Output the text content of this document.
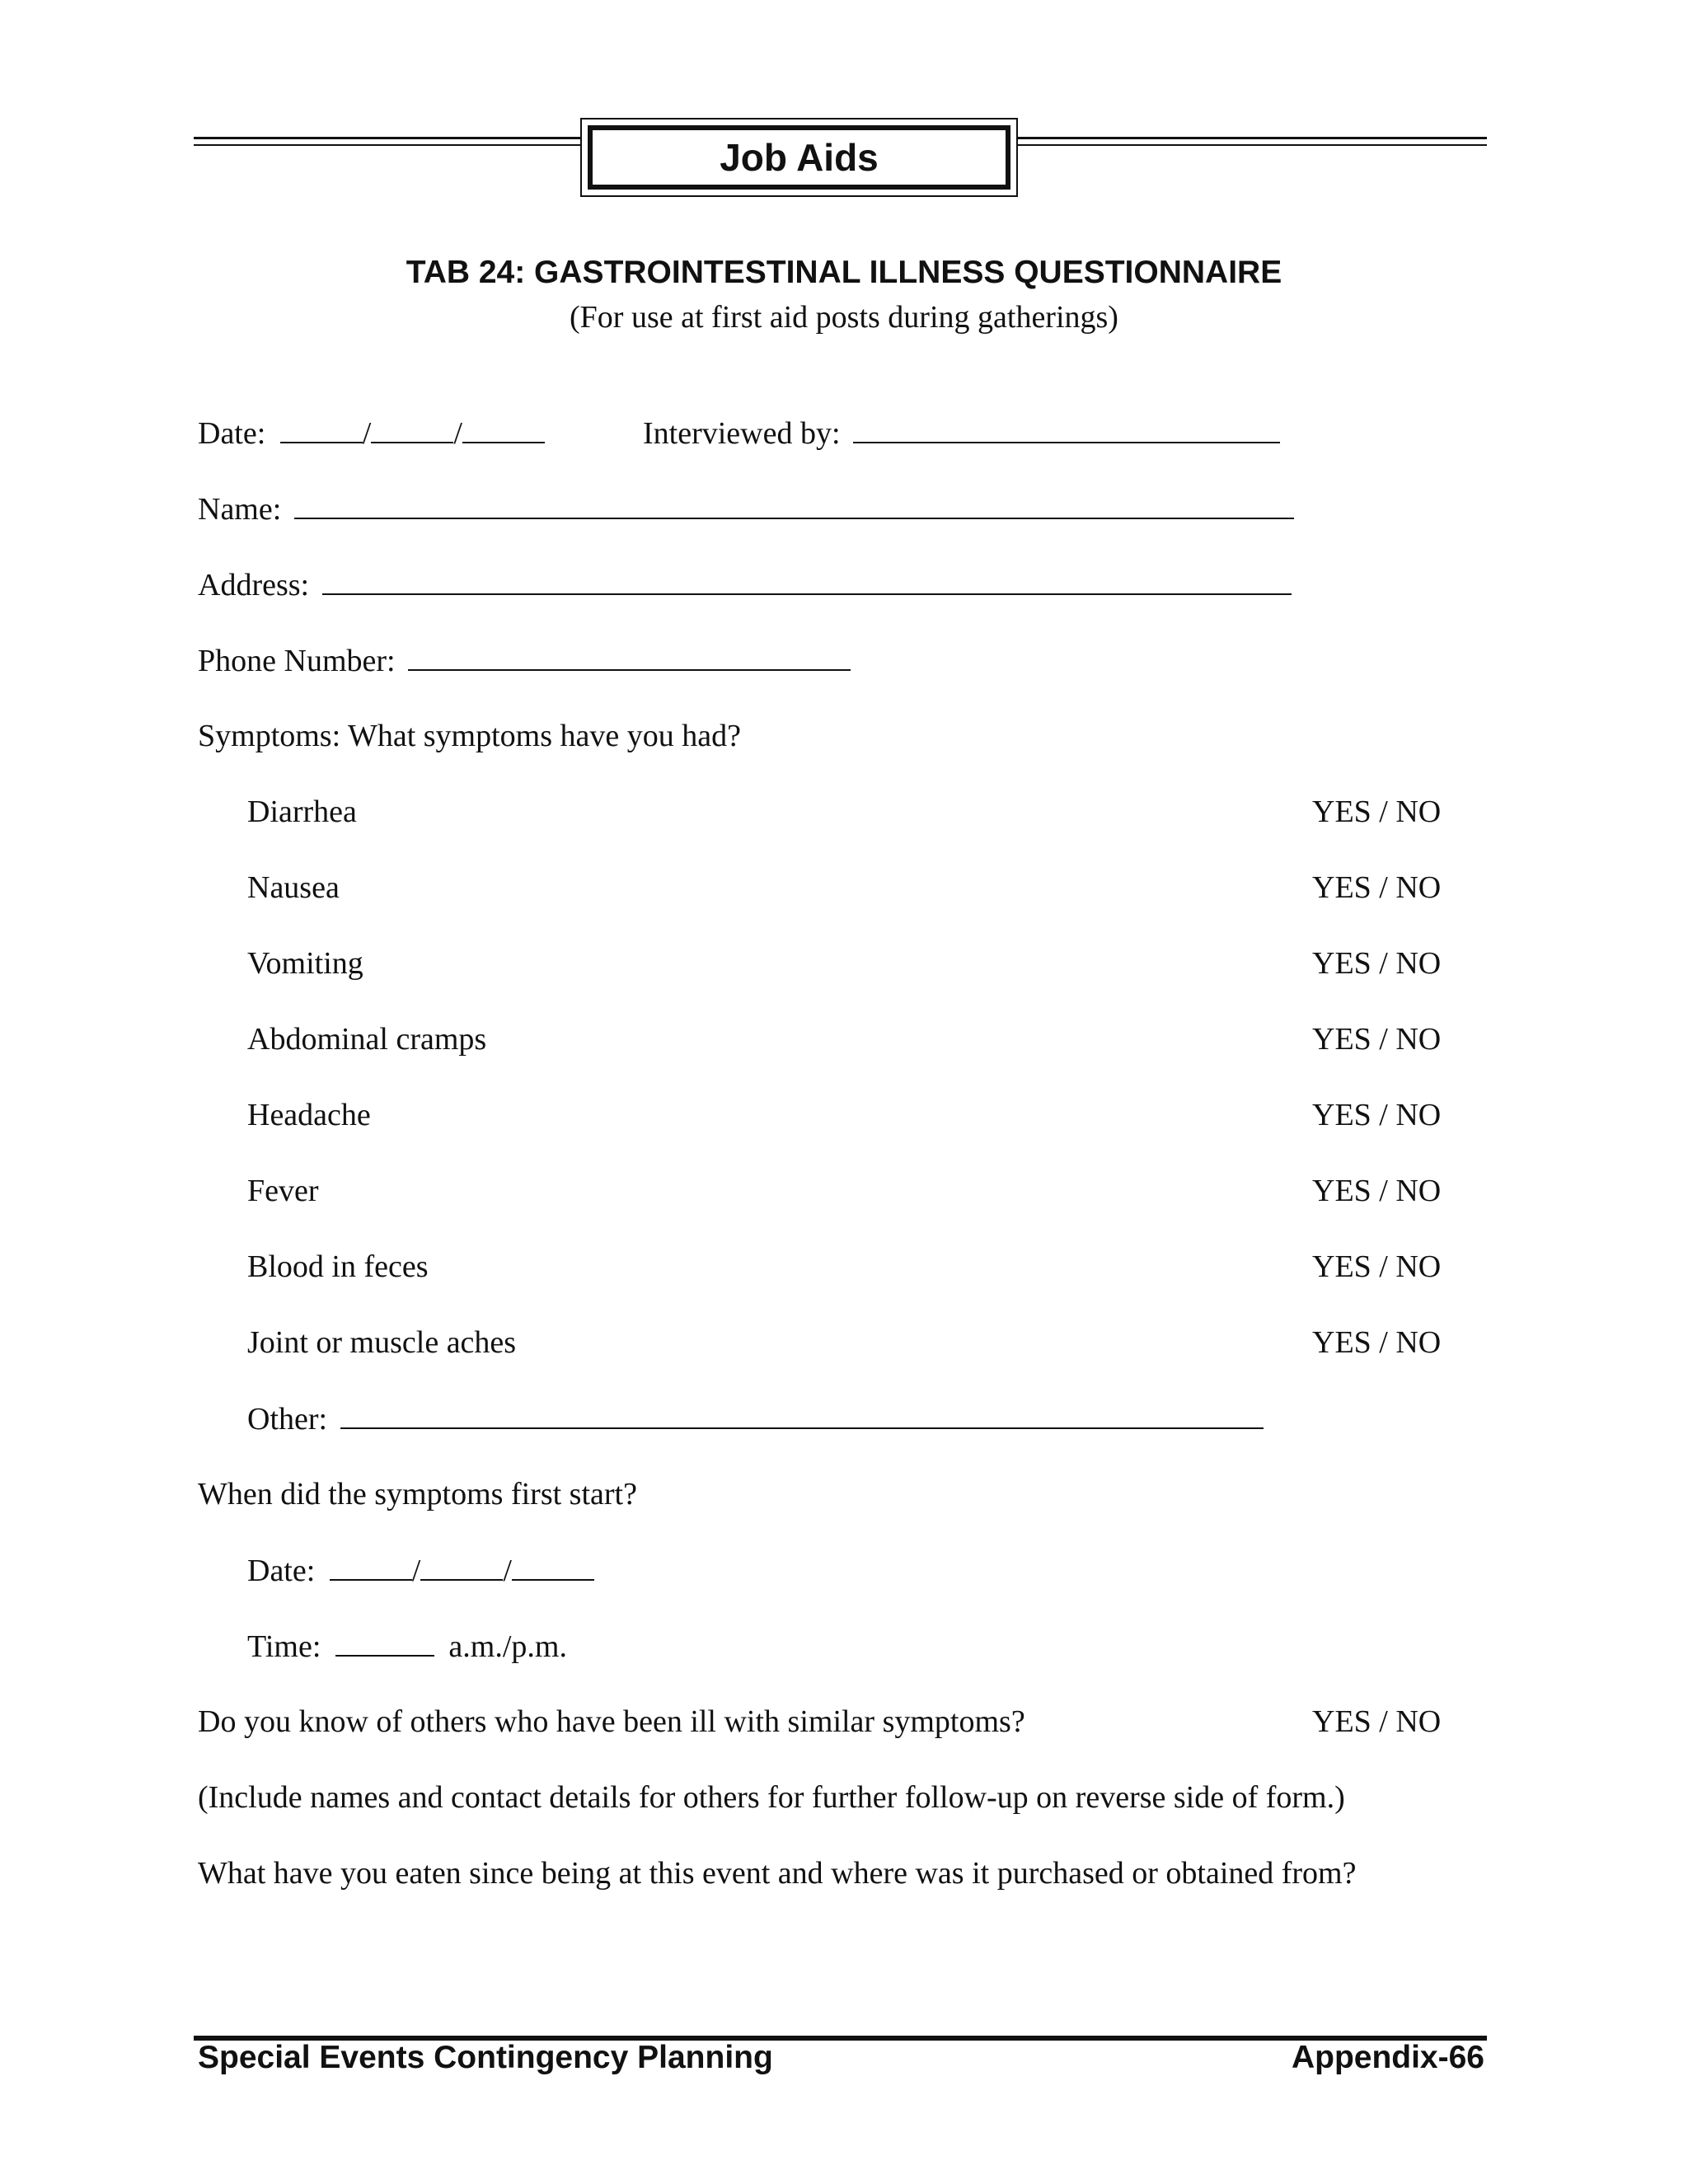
Job Aids
TAB 24: GASTROINTESTINAL ILLNESS QUESTIONNAIRE
(For use at first aid posts during gatherings)
Date:	/	/	Interviewed by:
Name:
Address:
Phone Number:
Symptoms: What symptoms have you had?
Diarrhea	YES / NO
Nausea	YES / NO
Vomiting	YES / NO
Abdominal cramps	YES / NO
Headache	YES / NO
Fever	YES / NO
Blood in feces	YES / NO
Joint or muscle aches	YES / NO
Other:
When did the symptoms first start?
Date:	/	/
Time:	a.m./p.m.
Do you know of others who have been ill with similar symptoms?	YES / NO
(Include names and contact details for others for further follow-up on reverse side of form.)
What have you eaten since being at this event and where was it purchased or obtained from?
Special Events Contingency Planning	Appendix-66
